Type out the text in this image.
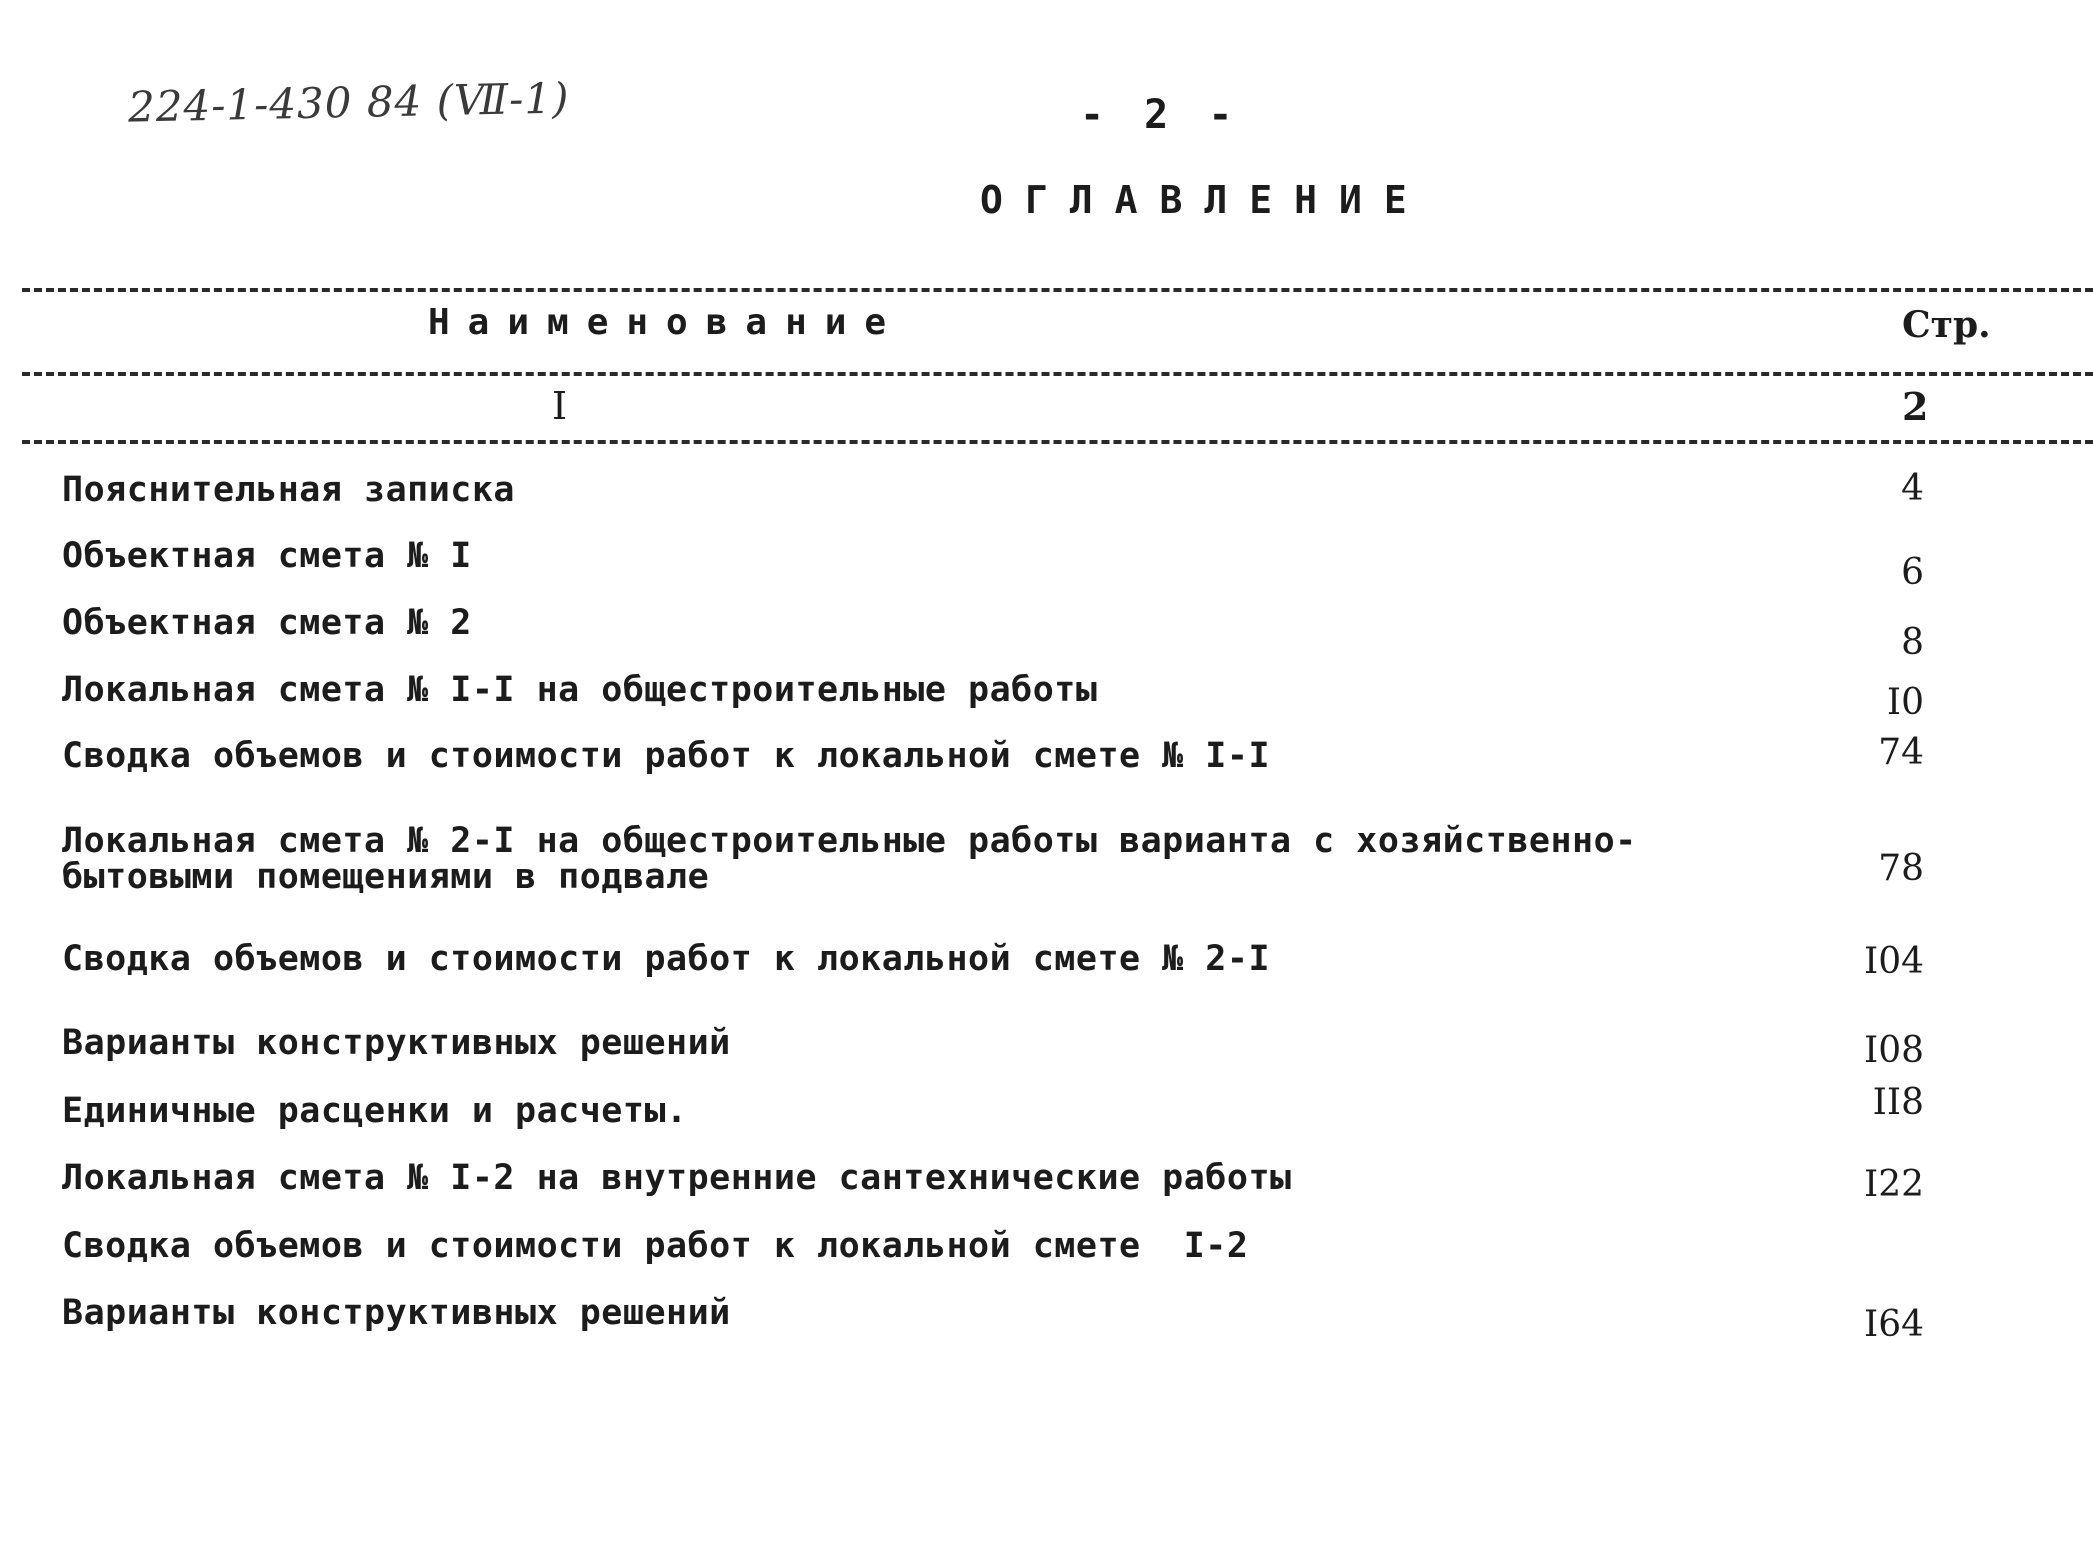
224-1-430 84 (Ⅶ-1)	- 2 -
ОГЛАВЛЕНИЕ
Наименование	Стр.
I	2
Пояснительная записка	4
Объектная смета № I	6
Объектная смета № 2	8
Локальная смета № I-I на общестроительные работы	I0
Сводка объемов и стоимости работ к локальной смете № I-I	74
Локальная смета № 2-I на общестроительные работы варианта с хозяйственно-
бытовыми помещениями в подвале	78
Сводка объемов и стоимости работ к локальной смете № 2-I	I04
Варианты конструктивных решений	I08
Единичные расценки и расчеты.	II8
Локальная смета № I-2 на внутренние сантехнические работы	I22
Сводка объемов и стоимости работ к локальной смете  I-2
Варианты конструктивных решений	I64
